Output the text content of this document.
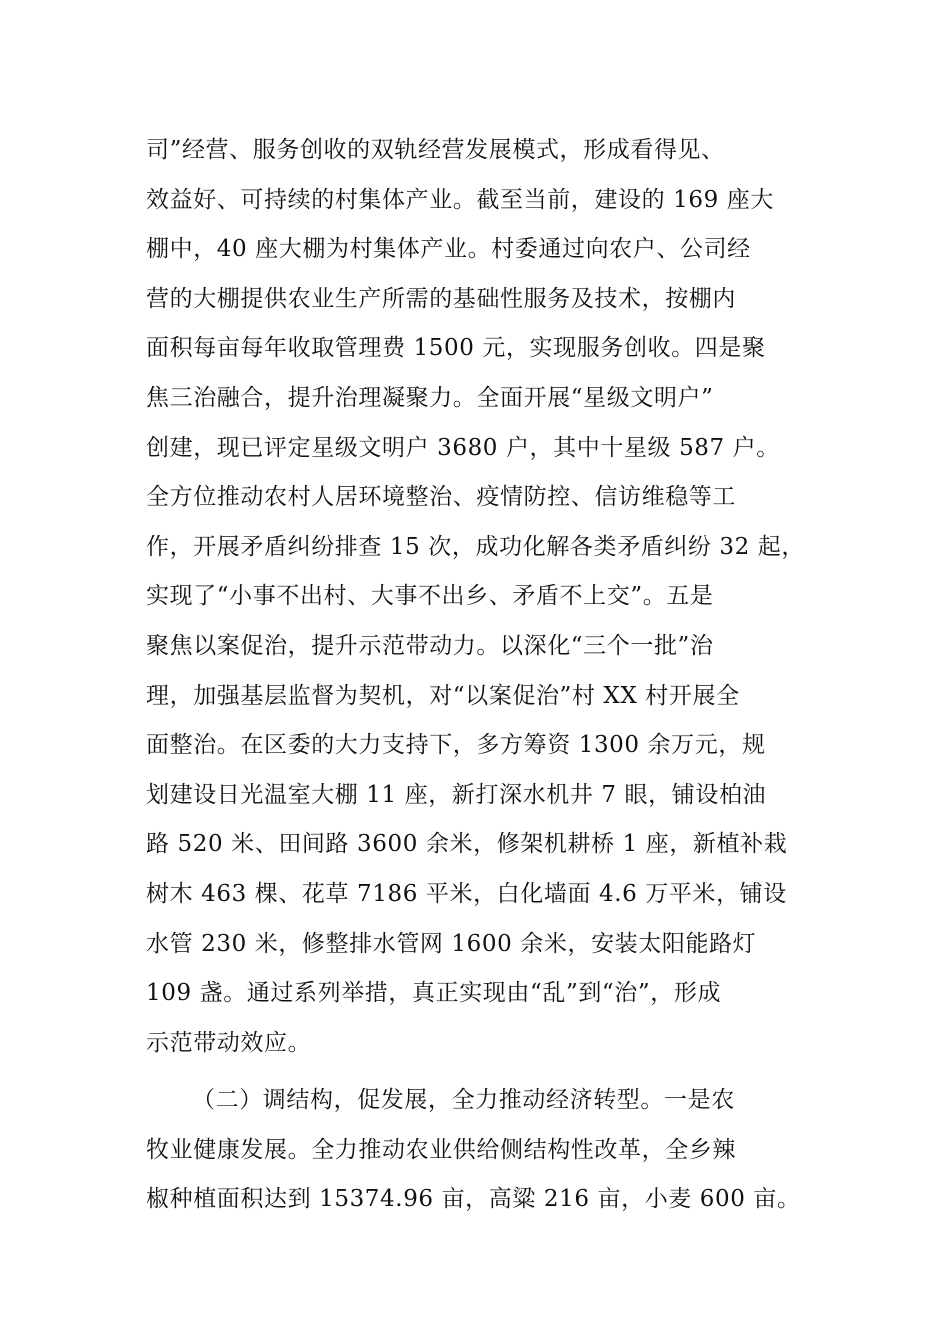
司”经营、服务创收的双轨经营发展模式，形成看得见、
效益好、可持续的村集体产业。截至当前，建设的 169 座大
棚中，40 座大棚为村集体产业。村委通过向农户、公司经
营的大棚提供农业生产所需的基础性服务及技术，按棚内
面积每亩每年收取管理费 1500 元，实现服务创收。四是聚
焦三治融合，提升治理凝聚力。全面开展“星级文明户”
创建，现已评定星级文明户 3680 户，其中十星级 587 户。
全方位推动农村人居环境整治、疫情防控、信访维稳等工
作，开展矛盾纠纷排查 15 次，成功化解各类矛盾纠纷 32 起，
实现了“小事不出村、大事不出乡、矛盾不上交”。五是
聚焦以案促治，提升示范带动力。以深化“三个一批”治
理，加强基层监督为契机，对“以案促治”村 XX 村开展全
面整治。在区委的大力支持下，多方筹资 1300 余万元，规
划建设日光温室大棚 11 座，新打深水机井 7 眼，铺设柏油
路 520 米、田间路 3600 余米，修架机耕桥 1 座，新植补栽
树木 463 棵、花草 7186 平米，白化墙面 4.6 万平米，铺设
水管 230 米，修整排水管网 1600 余米，安装太阳能路灯
109 盏。通过系列举措，真正实现由“乱”到“治”，形成
示范带动效应。
（二）调结构，促发展，全力推动经济转型。一是农
牧业健康发展。全力推动农业供给侧结构性改革，全乡辣
椒种植面积达到 15374.96 亩，高粱 216 亩，小麦 600 亩。
